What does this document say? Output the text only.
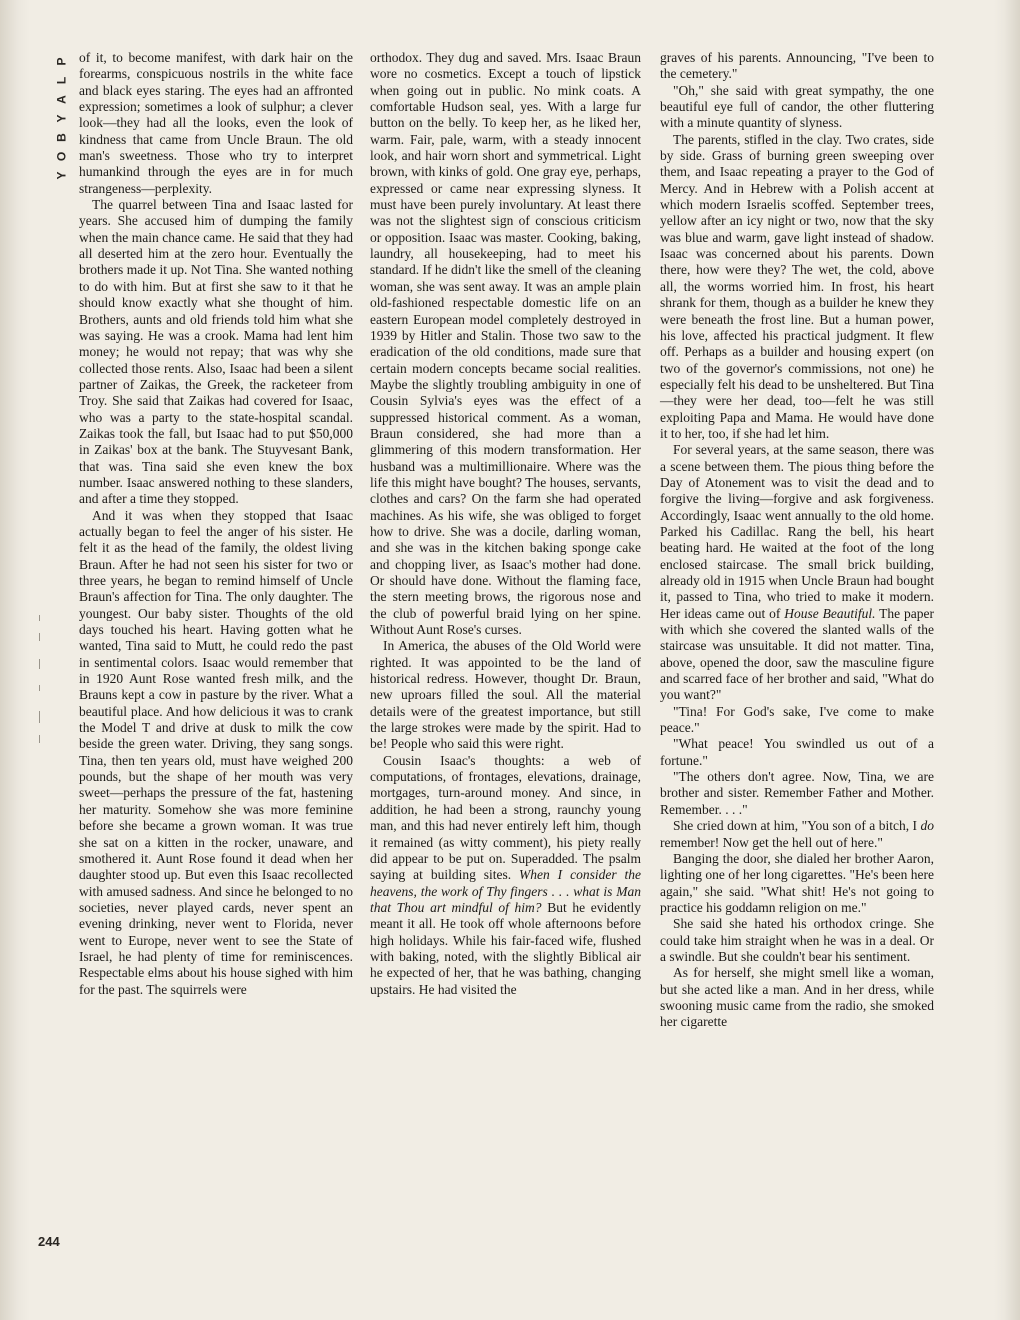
P
L
A
Y
B
O
Y

of it, to become manifest, with dark hair on the forearms, conspicuous nostrils in the white face and black eyes staring. The eyes had an affronted expression; sometimes a look of sulphur; a clever look—they had all the looks, even the look of kindness that came from Uncle Braun. The old man's sweetness. Those who try to interpret humankind through the eyes are in for much strangeness—perplexity.

The quarrel between Tina and Isaac lasted for years. She accused him of dumping the family when the main chance came. He said that they had all deserted him at the zero hour. Eventually the brothers made it up. Not Tina. She wanted nothing to do with him. But at first she saw to it that he should know exactly what she thought of him. Brothers, aunts and old friends told him what she was saying. He was a crook. Mama had lent him money; he would not repay; that was why she collected those rents. Also, Isaac had been a silent partner of Zaikas, the Greek, the racketeer from Troy. She said that Zaikas had covered for Isaac, who was a party to the state-hospital scandal. Zaikas took the fall, but Isaac had to put $50,000 in Zaikas' box at the bank. The Stuyvesant Bank, that was. Tina said she even knew the box number. Isaac answered nothing to these slanders, and after a time they stopped.

And it was when they stopped that Isaac actually began to feel the anger of his sister. He felt it as the head of the family, the oldest living Braun. After he had not seen his sister for two or three years, he began to remind himself of Uncle Braun's affection for Tina. The only daughter. The youngest. Our baby sister. Thoughts of the old days touched his heart. Having gotten what he wanted, Tina said to Mutt, he could redo the past in sentimental colors. Isaac would remember that in 1920 Aunt Rose wanted fresh milk, and the Brauns kept a cow in pasture by the river. What a beautiful place. And how delicious it was to crank the Model T and drive at dusk to milk the cow beside the green water. Driving, they sang songs. Tina, then ten years old, must have weighed 200 pounds, but the shape of her mouth was very sweet—perhaps the pressure of the fat, hastening her maturity. Somehow she was more feminine before she became a grown woman. It was true she sat on a kitten in the rocker, unaware, and smothered it. Aunt Rose found it dead when her daughter stood up. But even this Isaac recollected with amused sadness. And since he belonged to no societies, never played cards, never spent an evening drinking, never went to Florida, never went to Europe, never went to see the State of Israel, he had plenty of time for reminiscences. Respectable elms about his house sighed with him for the past. The squirrels were

orthodox. They dug and saved. Mrs. Isaac Braun wore no cosmetics. Except a touch of lipstick when going out in public. No mink coats. A comfortable Hudson seal, yes. With a large fur button on the belly. To keep her, as he liked her, warm. Fair, pale, warm, with a steady innocent look, and hair worn short and symmetrical. Light brown, with kinks of gold. One gray eye, perhaps, expressed or came near expressing slyness. It must have been purely involuntary. At least there was not the slightest sign of conscious criticism or opposition. Isaac was master. Cooking, baking, laundry, all housekeeping, had to meet his standard. If he didn't like the smell of the cleaning woman, she was sent away. It was an ample plain old-fashioned respectable domestic life on an eastern European model completely destroyed in 1939 by Hitler and Stalin. Those two saw to the eradication of the old conditions, made sure that certain modern concepts became social realities. Maybe the slightly troubling ambiguity in one of Cousin Sylvia's eyes was the effect of a suppressed historical comment. As a woman, Braun considered, she had more than a glimmering of this modern transformation. Her husband was a multimillionaire. Where was the life this might have bought? The houses, servants, clothes and cars? On the farm she had operated machines. As his wife, she was obliged to forget how to drive. She was a docile, darling woman, and she was in the kitchen baking sponge cake and chopping liver, as Isaac's mother had done. Or should have done. Without the flaming face, the stern meeting brows, the rigorous nose and the club of powerful braid lying on her spine. Without Aunt Rose's curses.

In America, the abuses of the Old World were righted. It was appointed to be the land of historical redress. However, thought Dr. Braun, new uproars filled the soul. All the material details were of the greatest importance, but still the large strokes were made by the spirit. Had to be! People who said this were right.

Cousin Isaac's thoughts: a web of computations, of frontages, elevations, drainage, mortgages, turn-around money. And since, in addition, he had been a strong, raunchy young man, and this had never entirely left him, though it remained (as witty comment), his piety really did appear to be put on. Superadded. The psalm saying at building sites. When I consider the heavens, the work of Thy fingers . . . what is Man that Thou art mindful of him? But he evidently meant it all. He took off whole afternoons before high holidays. While his fair-faced wife, flushed with baking, noted, with the slightly Biblical air he expected of her, that he was bathing, changing upstairs. He had visited the

graves of his parents. Announcing, "I've been to the cemetery."

"Oh," she said with great sympathy, the one beautiful eye full of candor, the other fluttering with a minute quantity of slyness.

The parents, stifled in the clay. Two crates, side by side. Grass of burning green sweeping over them, and Isaac repeating a prayer to the God of Mercy. And in Hebrew with a Polish accent at which modern Israelis scoffed. September trees, yellow after an icy night or two, now that the sky was blue and warm, gave light instead of shadow. Isaac was concerned about his parents. Down there, how were they? The wet, the cold, above all, the worms worried him. In frost, his heart shrank for them, though as a builder he knew they were beneath the frost line. But a human power, his love, affected his practical judgment. It flew off. Perhaps as a builder and housing expert (on two of the governor's commissions, not one) he especially felt his dead to be unsheltered. But Tina—they were her dead, too—felt he was still exploiting Papa and Mama. He would have done it to her, too, if she had let him.

For several years, at the same season, there was a scene between them. The pious thing before the Day of Atonement was to visit the dead and to forgive the living—forgive and ask forgiveness. Accordingly, Isaac went annually to the old home. Parked his Cadillac. Rang the bell, his heart beating hard. He waited at the foot of the long enclosed staircase. The small brick building, already old in 1915 when Uncle Braun had bought it, passed to Tina, who tried to make it modern. Her ideas came out of House Beautiful. The paper with which she covered the slanted walls of the staircase was unsuitable. It did not matter. Tina, above, opened the door, saw the masculine figure and scarred face of her brother and said, "What do you want?"

"Tina! For God's sake, I've come to make peace."

"What peace! You swindled us out of a fortune."

"The others don't agree. Now, Tina, we are brother and sister. Remember Father and Mother. Remember. . . ."

She cried down at him, "You son of a bitch, I do remember! Now get the hell out of here."

Banging the door, she dialed her brother Aaron, lighting one of her long cigarettes. "He's been here again," she said. "What shit! He's not going to practice his goddamn religion on me."

She said she hated his orthodox cringe. She could take him straight when he was in a deal. Or a swindle. But she couldn't bear his sentiment.

As for herself, she might smell like a woman, but she acted like a man. And in her dress, while swooning music came from the radio, she smoked her cigarette

244
